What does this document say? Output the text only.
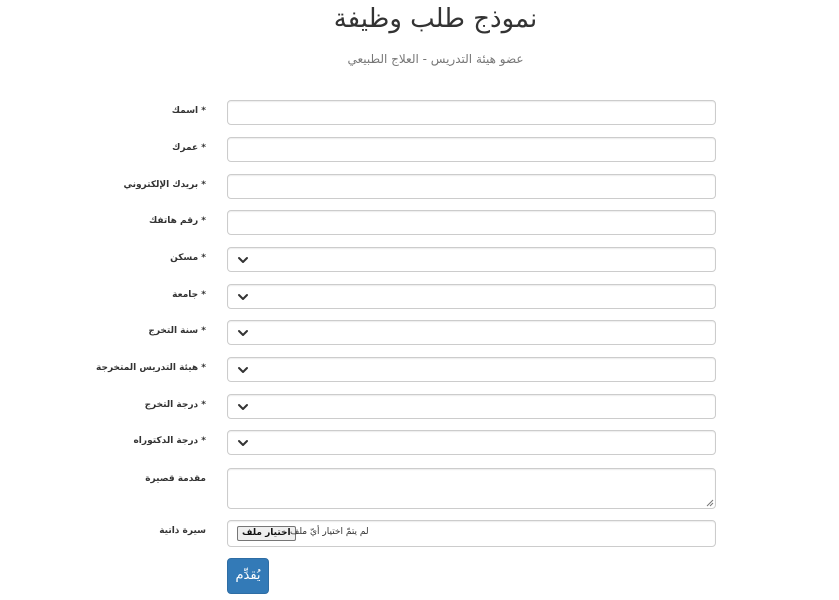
نموذج طلب وظيفة

عضو هيئة التدريس - العلاج الطبيعي

* اسمك
* عمرك
* بريدك الإلكتروني
* رقم هاتفك
* مسكن
* جامعة
* سنة التخرج
* هيئة التدريس المتخرجة
* درجة التخرج
* درجة الدكتوراه
مقدمة قصيرة
سيرة ذاتية	اختيار ملف لم يتمّ اختيار أيّ ملف
يُقدِّم
